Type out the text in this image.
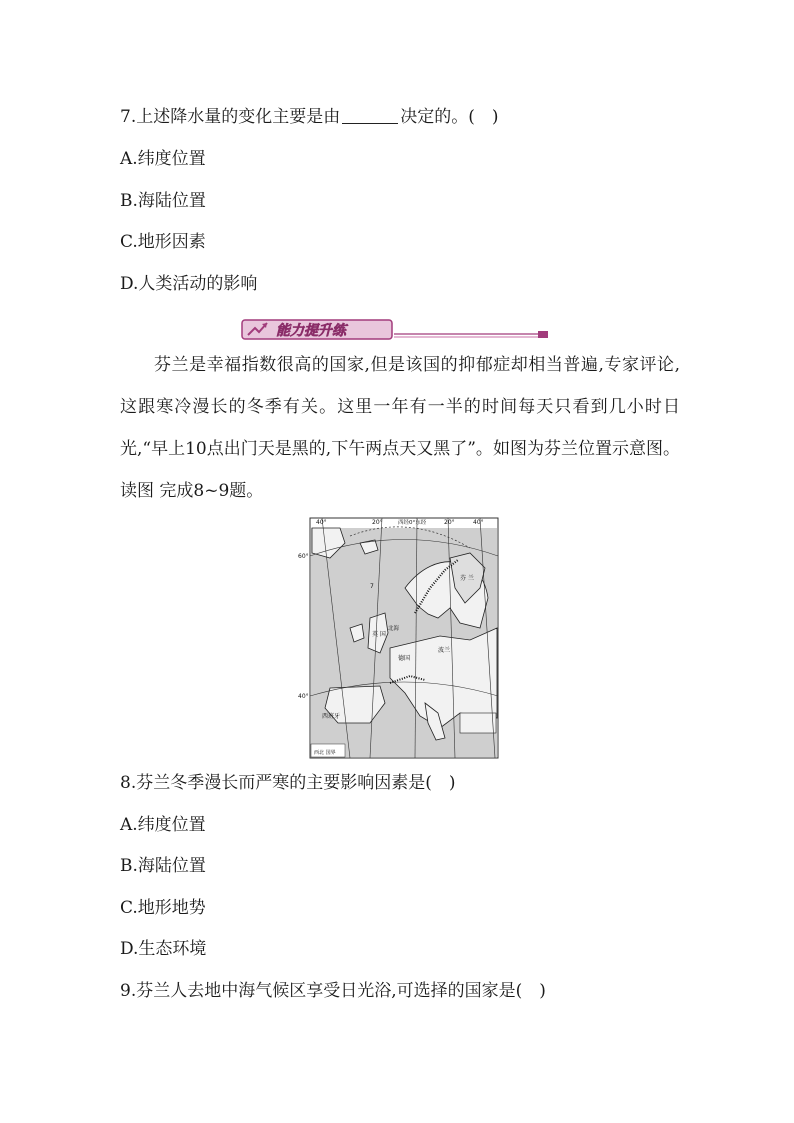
7.上述降水量的变化主要是由	决定的。(　)
A.纬度位置
B.海陆位置
C.地形因素
D.人类活动的影响
能力提升练
芬兰是幸福指数很高的国家,但是该国的抑郁症却相当普遍,专家评论,这跟寒冷漫长的冬季有关。这里一年有一半的时间每天只看到几小时日光,“早上10点出门天是黑的,下午两点天又黑了”。如图为芬兰位置示意图。读图 完成8~9题。
40°	20°	西经0°东经	20°	40°
60°
40°
芬 兰
英 国
德国
波兰
西班牙
北海
7
西北 国界
8.芬兰冬季漫长而严寒的主要影响因素是(　)
A.纬度位置
B.海陆位置
C.地形地势
D.生态环境
9.芬兰人去地中海气候区享受日光浴,可选择的国家是(　)
